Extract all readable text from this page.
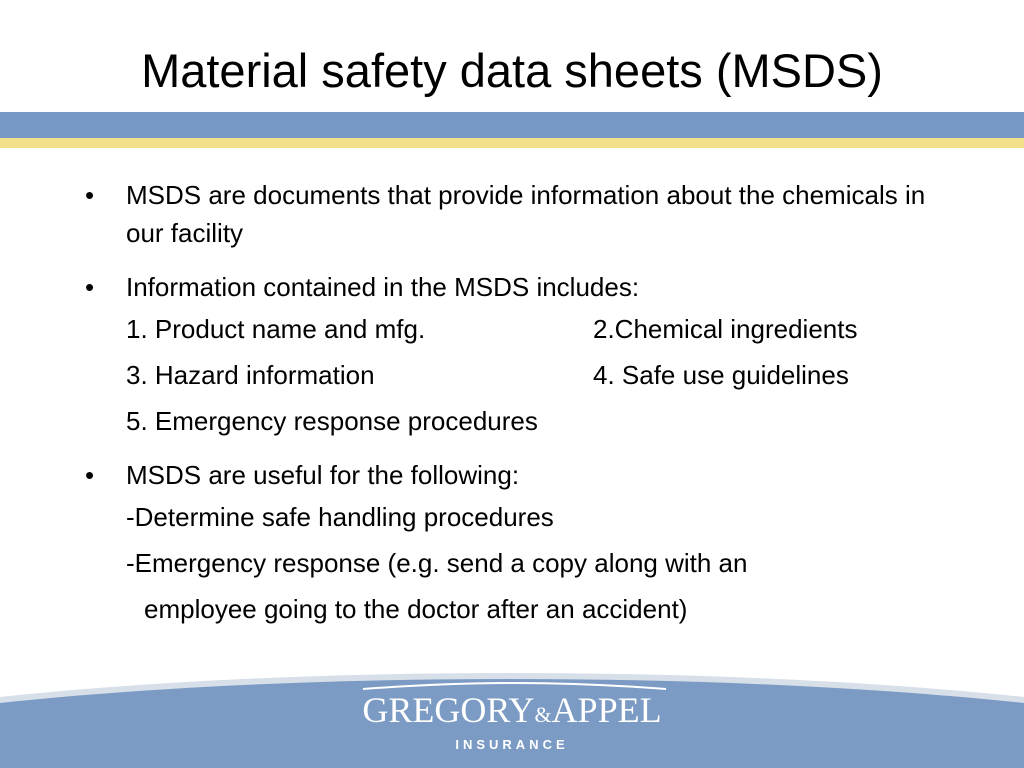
Material safety data sheets (MSDS)
• MSDS are documents that provide information about the chemicals in our facility
• Information contained in the MSDS includes:
1. Product name and mfg.	2.Chemical ingredients
3. Hazard information	4. Safe use guidelines
5. Emergency response procedures
• MSDS are useful for the following:
-Determine safe handling procedures
-Emergency response (e.g. send a copy along with an
employee going to the doctor after an accident)
GREGORY&APPEL
INSURANCE
